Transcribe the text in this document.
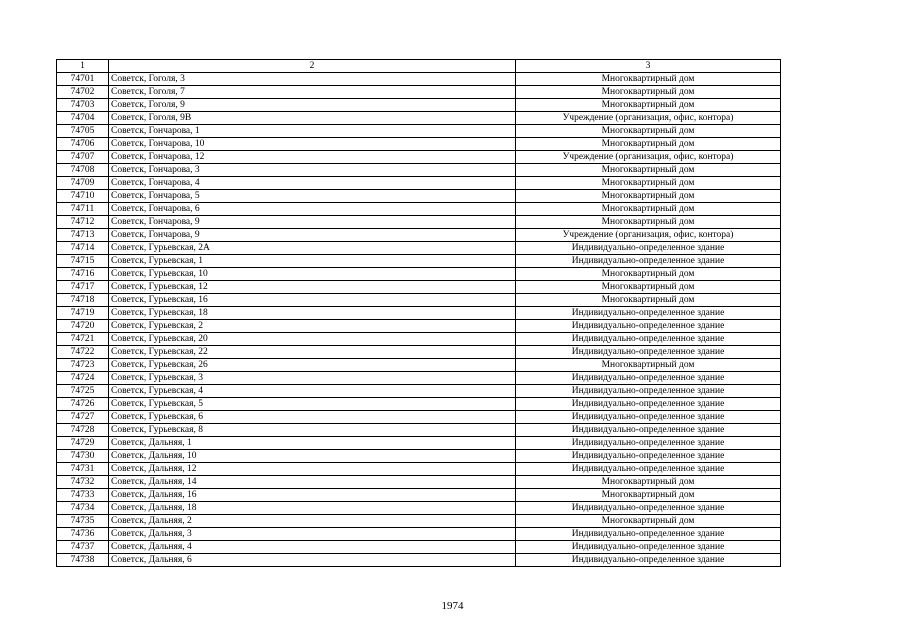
1	2	3
74701	Советск, Гоголя, 3	Многоквартирный дом
74702	Советск, Гоголя, 7	Многоквартирный дом
74703	Советск, Гоголя, 9	Многоквартирный дом
74704	Советск, Гоголя, 9В	Учреждение (организация, офис, контора)
74705	Советск, Гончарова, 1	Многоквартирный дом
74706	Советск, Гончарова, 10	Многоквартирный дом
74707	Советск, Гончарова, 12	Учреждение (организация, офис, контора)
74708	Советск, Гончарова, 3	Многоквартирный дом
74709	Советск, Гончарова, 4	Многоквартирный дом
74710	Советск, Гончарова, 5	Многоквартирный дом
74711	Советск, Гончарова, 6	Многоквартирный дом
74712	Советск, Гончарова, 9	Многоквартирный дом
74713	Советск, Гончарова, 9	Учреждение (организация, офис, контора)
74714	Советск, Гурьевская, 2А	Индивидуально-определенное здание
74715	Советск, Гурьевская, 1	Индивидуально-определенное здание
74716	Советск, Гурьевская, 10	Многоквартирный дом
74717	Советск, Гурьевская, 12	Многоквартирный дом
74718	Советск, Гурьевская, 16	Многоквартирный дом
74719	Советск, Гурьевская, 18	Индивидуально-определенное здание
74720	Советск, Гурьевская, 2	Индивидуально-определенное здание
74721	Советск, Гурьевская, 20	Индивидуально-определенное здание
74722	Советск, Гурьевская, 22	Индивидуально-определенное здание
74723	Советск, Гурьевская, 26	Многоквартирный дом
74724	Советск, Гурьевская, 3	Индивидуально-определенное здание
74725	Советск, Гурьевская, 4	Индивидуально-определенное здание
74726	Советск, Гурьевская, 5	Индивидуально-определенное здание
74727	Советск, Гурьевская, 6	Индивидуально-определенное здание
74728	Советск, Гурьевская, 8	Индивидуально-определенное здание
74729	Советск, Дальняя, 1	Индивидуально-определенное здание
74730	Советск, Дальняя, 10	Индивидуально-определенное здание
74731	Советск, Дальняя, 12	Индивидуально-определенное здание
74732	Советск, Дальняя, 14	Многоквартирный дом
74733	Советск, Дальняя, 16	Многоквартирный дом
74734	Советск, Дальняя, 18	Индивидуально-определенное здание
74735	Советск, Дальняя, 2	Многоквартирный дом
74736	Советск, Дальняя, 3	Индивидуально-определенное здание
74737	Советск, Дальняя, 4	Индивидуально-определенное здание
74738	Советск, Дальняя, 6	Индивидуально-определенное здание
1974
